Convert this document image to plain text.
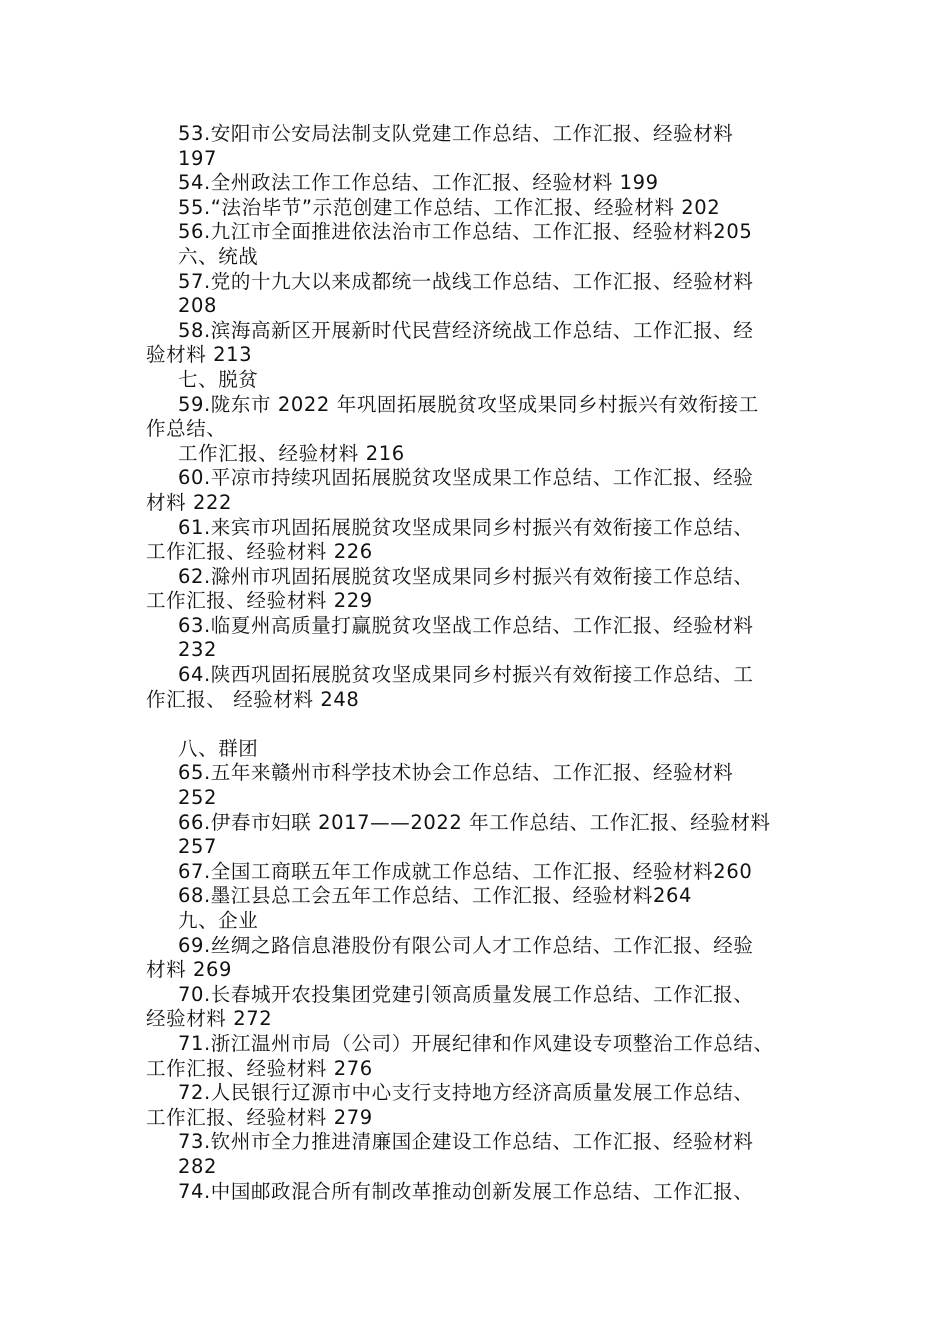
53.安阳市公安局法制支队党建工作总结、工作汇报、经验材料
197
54.全州政法工作工作总结、工作汇报、经验材料 199
55.“法治毕节”示范创建工作总结、工作汇报、经验材料 202
56.九江市全面推进依法治市工作总结、工作汇报、经验材料205
六、统战
57.党的十九大以来成都统一战线工作总结、工作汇报、经验材料
208
58.滨海高新区开展新时代民营经济统战工作总结、工作汇报、经
验材料 213
七、脱贫
59.陇东市 2022 年巩固拓展脱贫攻坚成果同乡村振兴有效衔接工
作总结、
工作汇报、经验材料 216
60.平凉市持续巩固拓展脱贫攻坚成果工作总结、工作汇报、经验
材料 222
61.来宾市巩固拓展脱贫攻坚成果同乡村振兴有效衔接工作总结、
工作汇报、经验材料 226
62.滁州市巩固拓展脱贫攻坚成果同乡村振兴有效衔接工作总结、
工作汇报、经验材料 229
63.临夏州高质量打赢脱贫攻坚战工作总结、工作汇报、经验材料
232
64.陕西巩固拓展脱贫攻坚成果同乡村振兴有效衔接工作总结、工
作汇报、 经验材料 248
八、群团
65.五年来赣州市科学技术协会工作总结、工作汇报、经验材料
252
66.伊春市妇联 2017——2022 年工作总结、工作汇报、经验材料
257
67.全国工商联五年工作成就工作总结、工作汇报、经验材料260
68.墨江县总工会五年工作总结、工作汇报、经验材料264
九、企业
69.丝绸之路信息港股份有限公司人才工作总结、工作汇报、经验
材料 269
70.长春城开农投集团党建引领高质量发展工作总结、工作汇报、
经验材料 272
71.浙江温州市局（公司）开展纪律和作风建设专项整治工作总结、
工作汇报、经验材料 276
72.人民银行辽源市中心支行支持地方经济高质量发展工作总结、
工作汇报、经验材料 279
73.钦州市全力推进清廉国企建设工作总结、工作汇报、经验材料
282
74.中国邮政混合所有制改革推动创新发展工作总结、工作汇报、
